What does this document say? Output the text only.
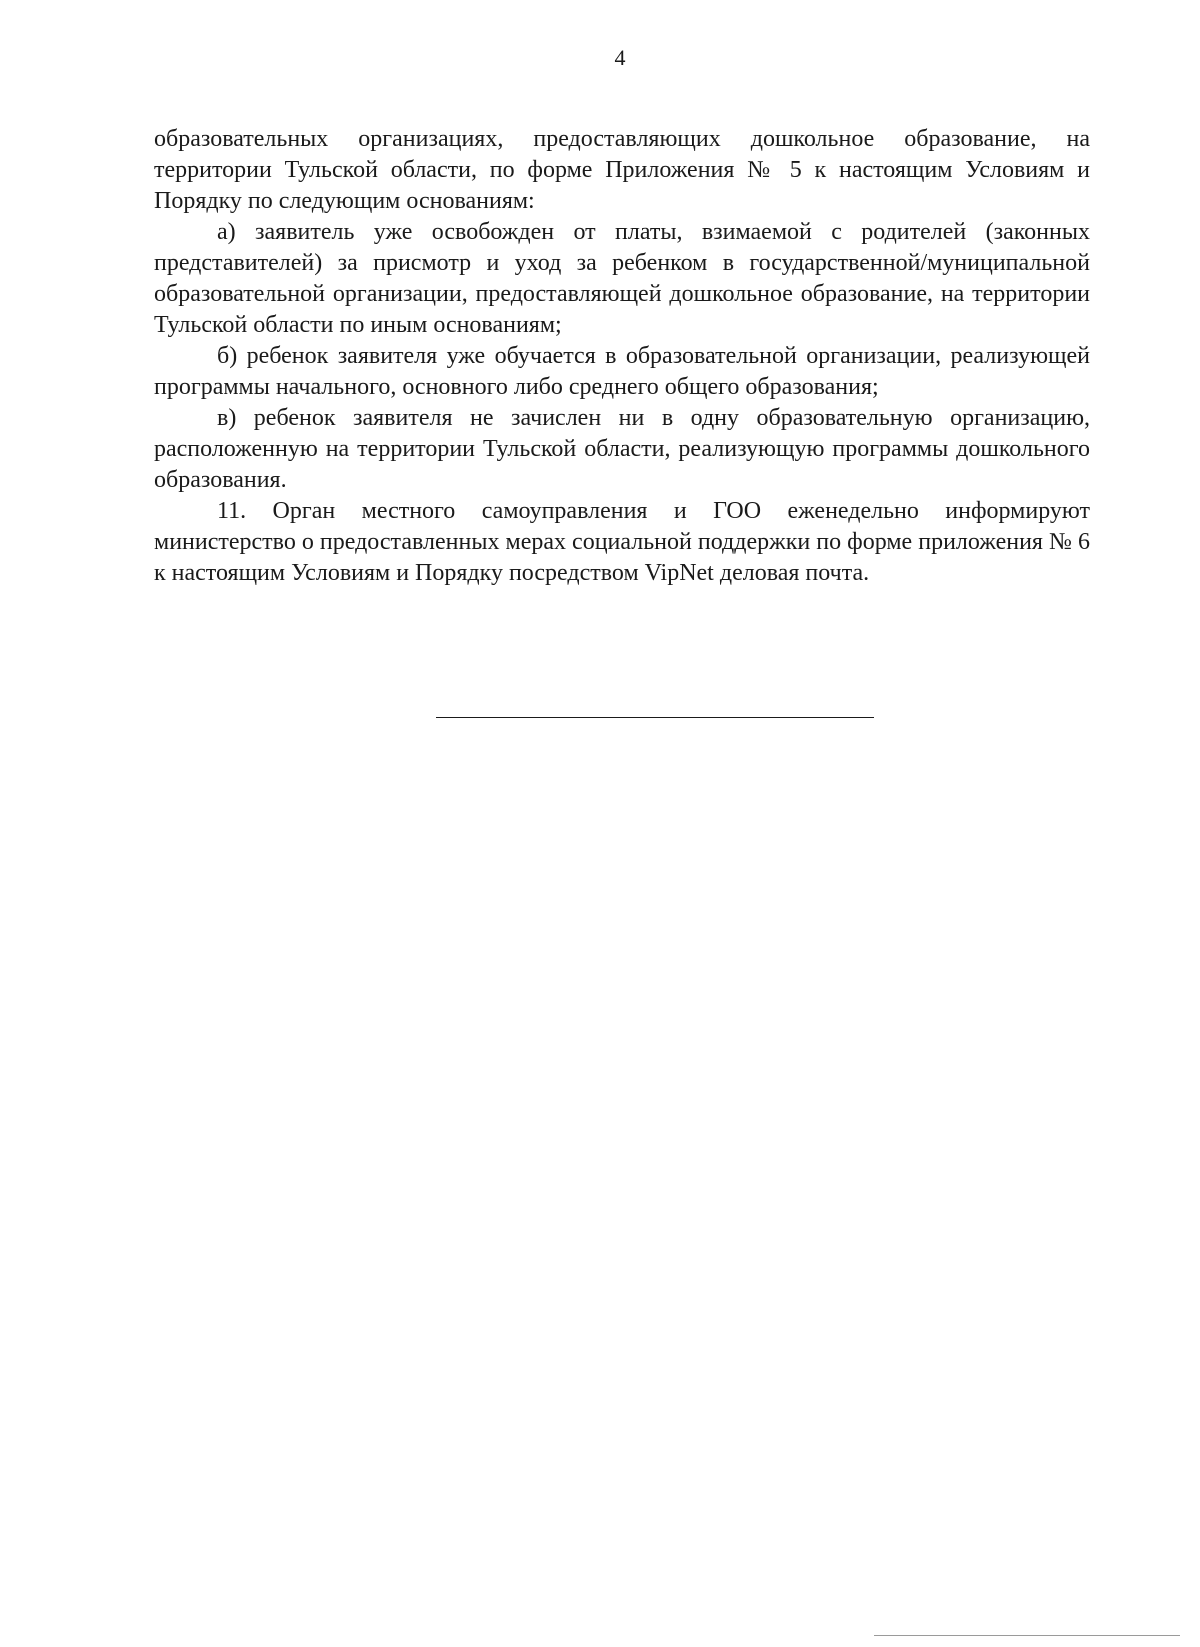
4

образовательных организациях, предоставляющих дошкольное образование, на территории Тульской области, по форме Приложения № 5 к настоящим Условиям и Порядку по следующим основаниям:

а) заявитель уже освобожден от платы, взимаемой с родителей (законных представителей) за присмотр и уход за ребенком в государственной/муниципальной образовательной организации, предоставляющей дошкольное образование, на территории Тульской области по иным основаниям;

б) ребенок заявителя уже обучается в образовательной организации, реализующей программы начального, основного либо среднего общего образования;

в) ребенок заявителя не зачислен ни в одну образовательную организацию, расположенную на территории Тульской области, реализующую программы дошкольного образования.

11. Орган местного самоуправления и ГОО еженедельно информируют министерство о предоставленных мерах социальной поддержки по форме приложения № 6 к настоящим Условиям и Порядку посредством VipNet деловая почта.
